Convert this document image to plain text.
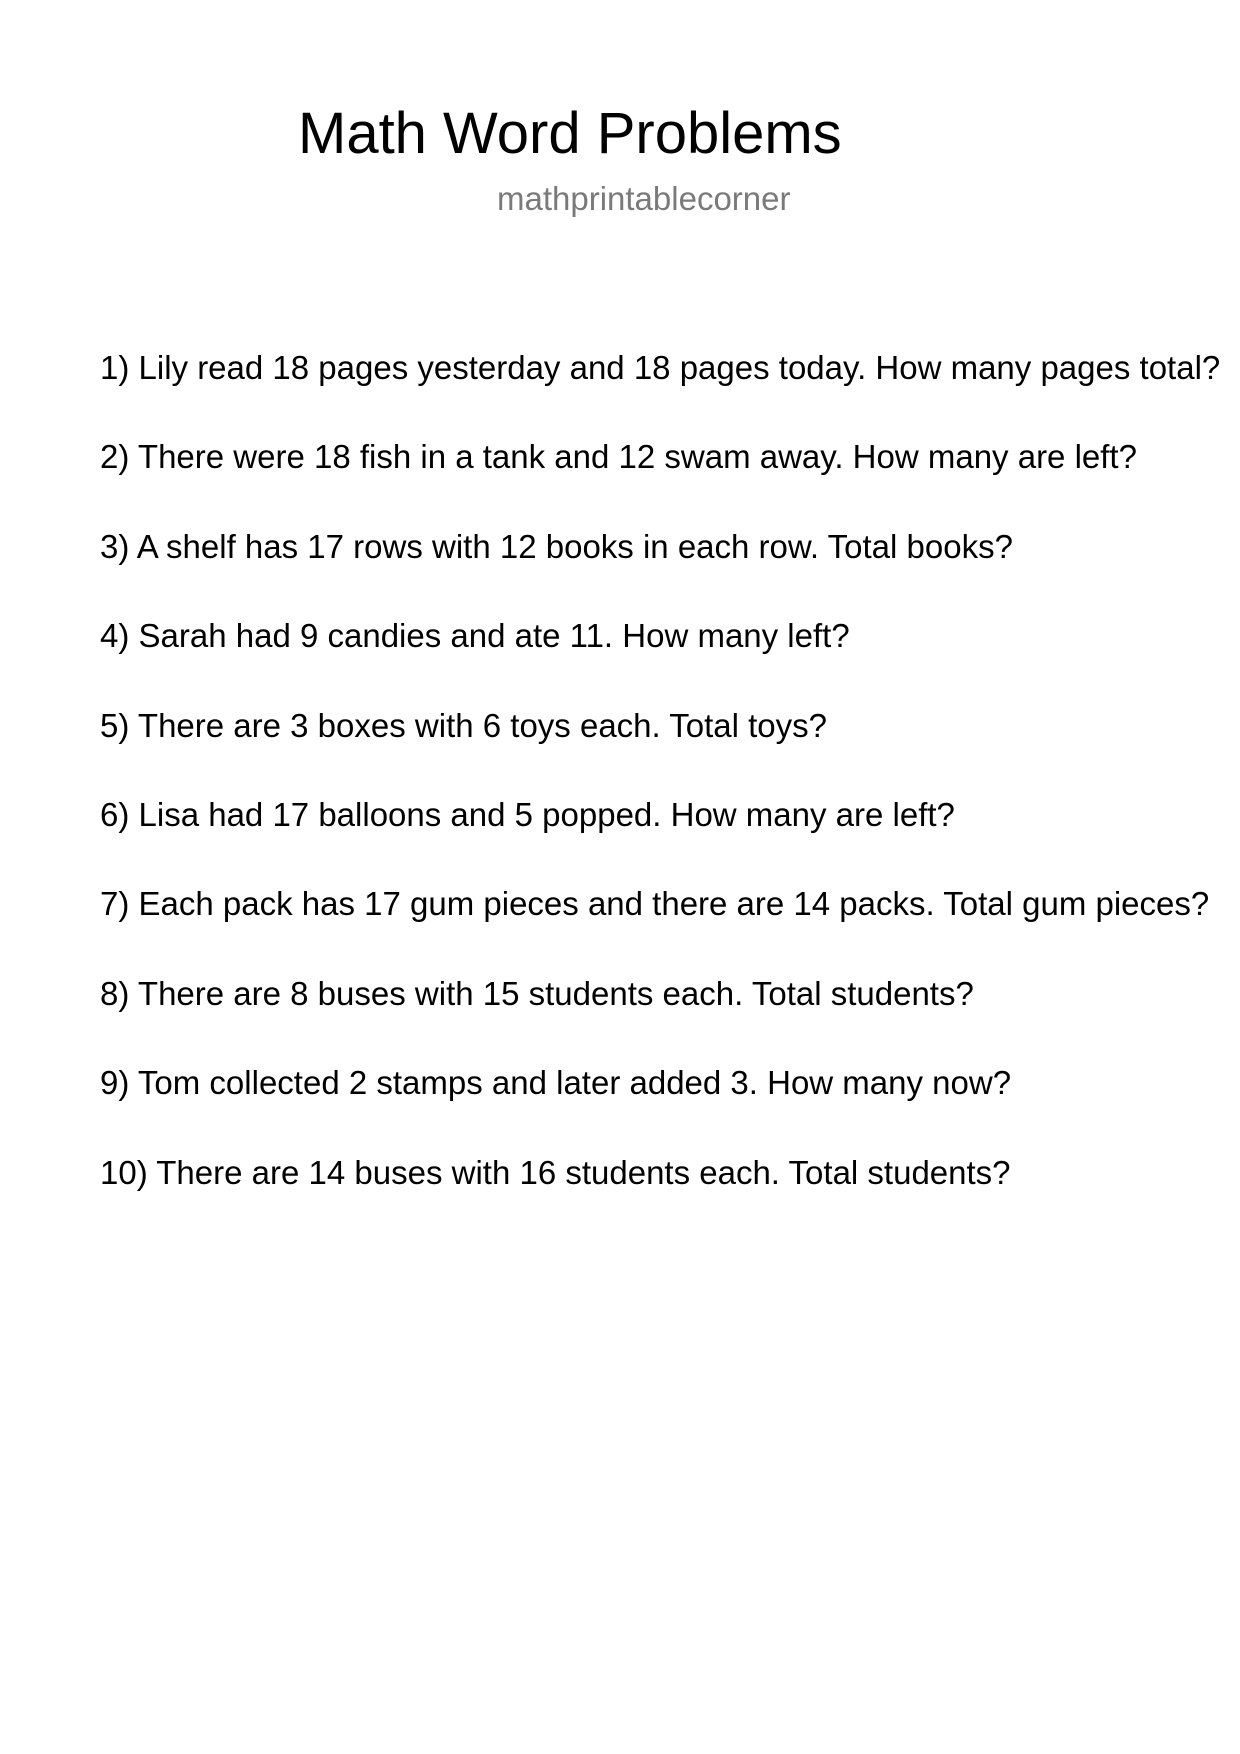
Math Word Problems
mathprintablecorner
1) Lily read 18 pages yesterday and 18 pages today. How many pages total?
2) There were 18 fish in a tank and 12 swam away. How many are left?
3) A shelf has 17 rows with 12 books in each row. Total books?
4) Sarah had 9 candies and ate 11. How many left?
5) There are 3 boxes with 6 toys each. Total toys?
6) Lisa had 17 balloons and 5 popped. How many are left?
7) Each pack has 17 gum pieces and there are 14 packs. Total gum pieces?
8) There are 8 buses with 15 students each. Total students?
9) Tom collected 2 stamps and later added 3. How many now?
10) There are 14 buses with 16 students each. Total students?
